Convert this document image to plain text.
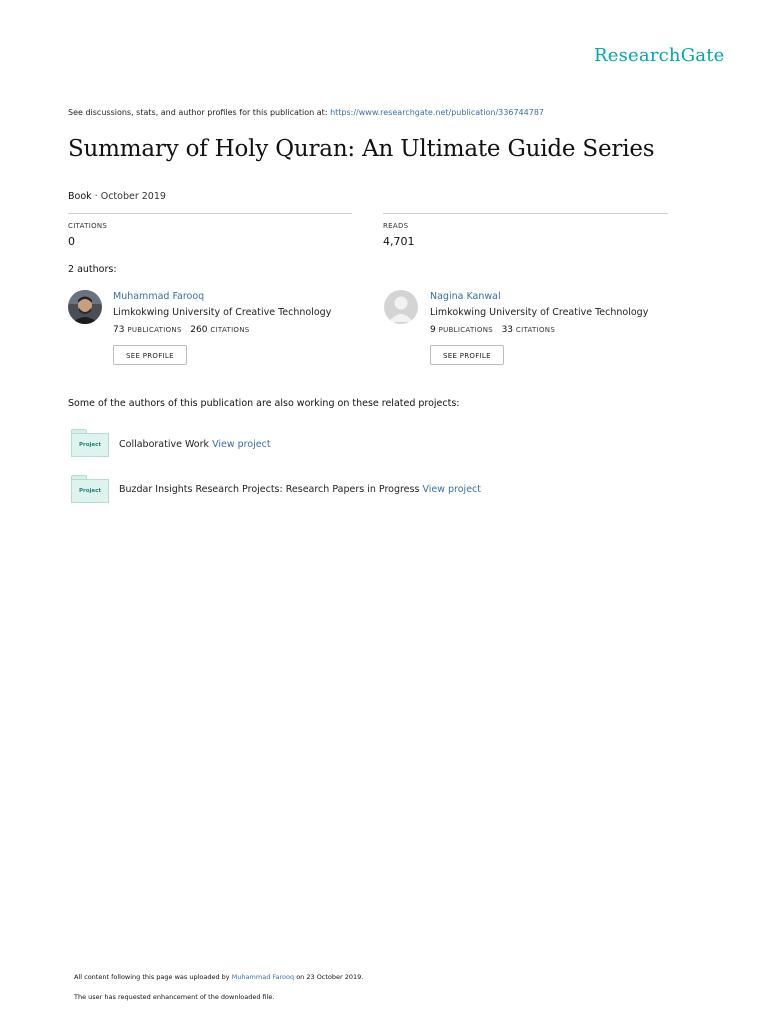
ResearchGate
See discussions, stats, and author profiles for this publication at: https://www.researchgate.net/publication/336744787
Summary of Holy Quran: An Ultimate Guide Series
Book · October 2019
CITATIONS
0
READS
4,701
2 authors:
Muhammad Farooq
Limkokwing University of Creative Technology
73 PUBLICATIONS 260 CITATIONS
SEE PROFILE
Nagina Kanwal
Limkokwing University of Creative Technology
9 PUBLICATIONS 33 CITATIONS
SEE PROFILE
Some of the authors of this publication are also working on these related projects:
Project	Collaborative Work View project
Project	Buzdar Insights Research Projects: Research Papers in Progress View project
All content following this page was uploaded by Muhammad Farooq on 23 October 2019.
The user has requested enhancement of the downloaded file.
